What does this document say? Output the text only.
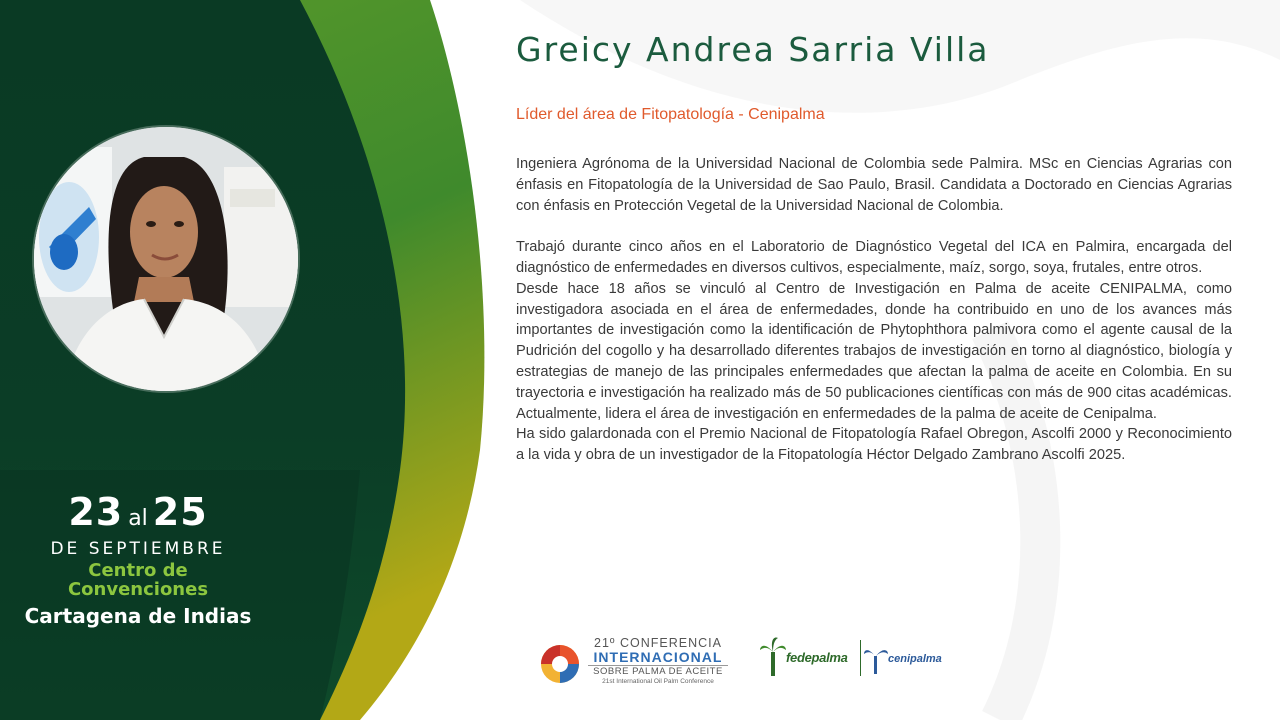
23 al 25
DE SEPTIEMBRE
Centro de
Convenciones
Cartagena de Indias
Greicy Andrea Sarria Villa
Líder del área de Fitopatología - Cenipalma

Ingeniera Agrónoma de la Universidad Nacional de Colombia sede Palmira. MSc en Ciencias Agrarias con énfasis en Fitopatología de la Universidad de Sao Paulo, Brasil. Candidata a Doctorado en Ciencias Agrarias con énfasis en Protección Vegetal de la Universidad Nacional de Colombia.

Trabajó durante cinco años en el Laboratorio de Diagnóstico Vegetal del ICA en Palmira, encargada del diagnóstico de enfermedades en diversos cultivos, especialmente, maíz, sorgo, soya, frutales, entre otros.

Desde hace 18 años se vinculó al Centro de Investigación en Palma de aceite CENIPALMA, como investigadora asociada en el área de enfermedades, donde ha contribuido en uno de los avances más importantes de investigación como la identificación de Phytophthora palmivora como el agente causal de la Pudrición del cogollo y ha desarrollado diferentes trabajos de investigación en torno al diagnóstico, biología y estrategias de manejo de las principales enfermedades que afectan la palma de aceite en Colombia. En su trayectoria e investigación ha realizado más de 50 publicaciones científicas con más de 900 citas académicas. Actualmente, lidera el área de investigación en enfermedades de la palma de aceite de Cenipalma.

Ha sido galardonada con el Premio Nacional de Fitopatología Rafael Obregon, Ascolfi 2000 y Reconocimiento a la vida y obra de un investigador de la Fitopatología Héctor Delgado Zambrano Ascolfi 2025.

21º CONFERENCIA
INTERNACIONAL
SOBRE PALMA DE ACEITE
21st International Oil Palm Conference
fedepalma	cenipalma
